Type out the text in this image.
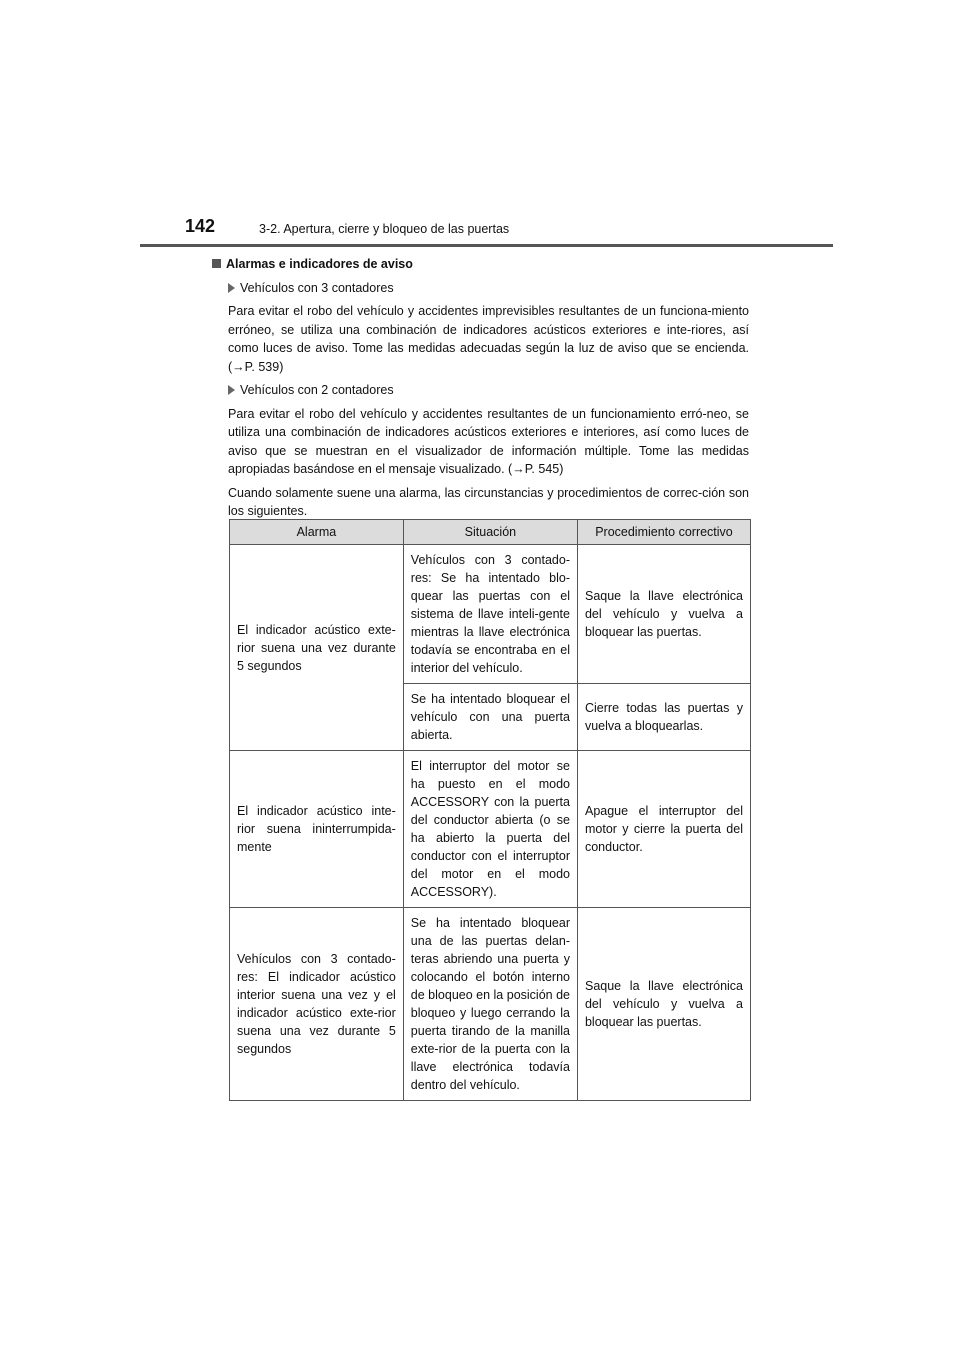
142	3-2. Apertura, cierre y bloqueo de las puertas

Alarmas e indicadores de aviso

Vehículos con 3 contadores

Para evitar el robo del vehículo y accidentes imprevisibles resultantes de un funciona-miento erróneo, se utiliza una combinación de indicadores acústicos exteriores e inte-riores, así como luces de aviso. Tome las medidas adecuadas según la luz de aviso que se encienda. (→P. 539)

Vehículos con 2 contadores

Para evitar el robo del vehículo y accidentes resultantes de un funcionamiento erró-neo, se utiliza una combinación de indicadores acústicos exteriores e interiores, así como luces de aviso que se muestran en el visualizador de información múltiple. Tome las medidas apropiadas basándose en el mensaje visualizado. (→P. 545)

Cuando solamente suene una alarma, las circunstancias y procedimientos de correc-ción son los siguientes.

Alarma	Situación	Procedimiento correctivo
El indicador acústico exte-rior suena una vez durante 5 segundos	Vehículos con 3 contado-res: Se ha intentado blo-quear las puertas con el sistema de llave inteli-gente mientras la llave electrónica todavía se encontraba en el interior del vehículo.	Saque la llave electrónica del vehículo y vuelva a bloquear las puertas.
	Se ha intentado bloquear el vehículo con una puerta abierta.	Cierre todas las puertas y vuelva a bloquearlas.
El indicador acústico inte-rior suena ininterrumpida-mente	El interruptor del motor se ha puesto en el modo ACCESSORY con la puerta del conductor abierta (o se ha abierto la puerta del conductor con el interruptor del motor en el modo ACCESSORY).	Apague el interruptor del motor y cierre la puerta del conductor.
Vehículos con 3 contado-res: El indicador acústico interior suena una vez y el indicador acústico exte-rior suena una vez durante 5 segundos	Se ha intentado bloquear una de las puertas delan-teras abriendo una puerta y colocando el botón interno de bloqueo en la posición de bloqueo y luego cerrando la puerta tirando de la manilla exte-rior de la puerta con la llave electrónica todavía dentro del vehículo.	Saque la llave electrónica del vehículo y vuelva a bloquear las puertas.
